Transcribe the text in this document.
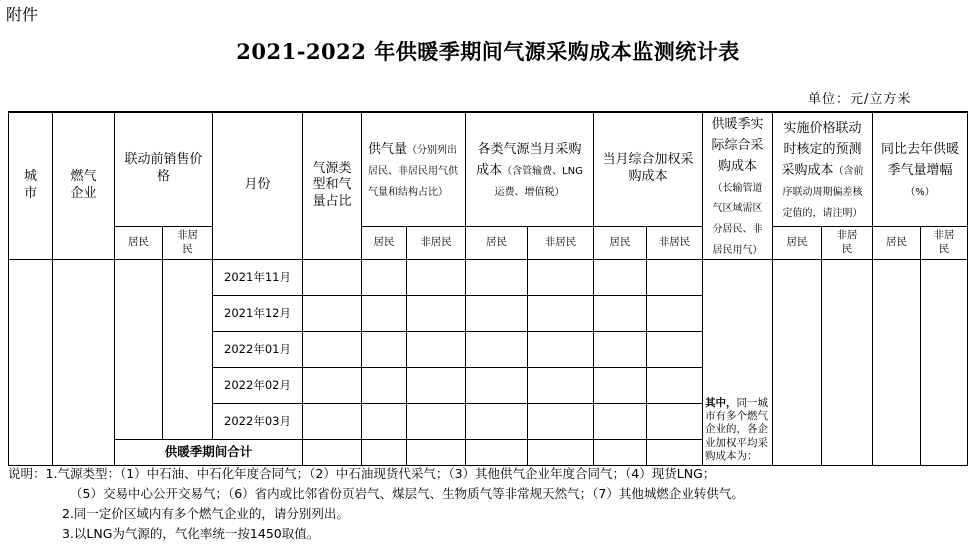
附件
2021-2022 年供暖季期间气源采购成本监测统计表
单位：元/立方米
城市	燃气企业	联动前销售价格		月份	气源类型和气量占比	供气量（分别列出居民、非居民用气供气量和结构占比）		各类气源当月采购成本（含管输费、LNG运费、增值税）		当月综合加权采购成本		供暖季实际综合采购成本（长输管道气区域需区分居民、非居民用气）	实施价格联动时核定的预测采购成本（含前序联动周期偏差核定值的，请注明）		同比去年供暖季气量增幅（%）	

		居民	非居民			居民	非居民	居民	非居民	居民	非居民		居民	非居民	居民	非居民
				2021年11月								其中，同一城市有多个燃气企业的，各企业加权平均采购成本为：				

				2021年12月												
				2022年01月												
				2022年02月												
				2022年03月												
		供暖季期间合计														
说明：1.气源类型：（1）中石油、中石化年度合同气；（2）中石油现货代采气；（3）其他供气企业年度合同气；（4）现货LNG；
（5）交易中心公开交易气；（6）省内或比邻省份页岩气、煤层气、生物质气等非常规天然气；（7）其他城燃企业转供气。
2.同一定价区域内有多个燃气企业的，请分别列出。
3.以LNG为气源的，气化率统一按1450取值。
